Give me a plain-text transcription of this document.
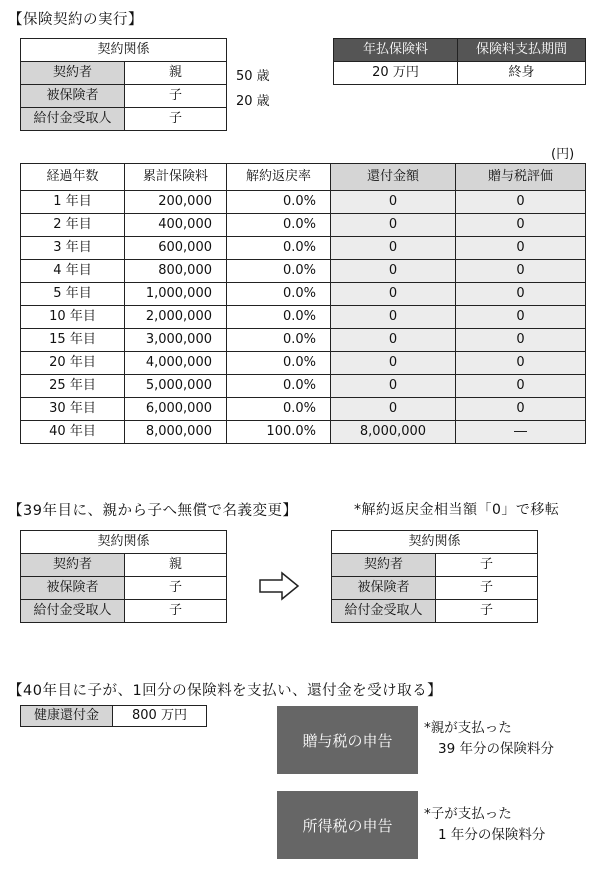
【保険契約の実行】
契約関係	
契約者	親
被保険者	子
給付金受取人	子
50 歳
20 歳
年払保険料	保険料支払期間
20 万円	終身
(円)
経過年数	累計保険料	解約返戻率	還付金額	贈与税評価
1 年目	200,000	0.0%	0	0
2 年目	400,000	0.0%	0	0
3 年目	600,000	0.0%	0	0
4 年目	800,000	0.0%	0	0
5 年目	1,000,000	0.0%	0	0
10 年目	2,000,000	0.0%	0	0
15 年目	3,000,000	0.0%	0	0
20 年目	4,000,000	0.0%	0	0
25 年目	5,000,000	0.0%	0	0
30 年目	6,000,000	0.0%	0	0
40 年目	8,000,000	100.0%	8,000,000	―
【39年目に、親から子へ無償で名義変更】	*解約返戻金相当額「0」で移転
契約関係	
契約者	親
被保険者	子
給付金受取人	子
契約関係	
契約者	子
被保険者	子
給付金受取人	子
【40年目に子が、1回分の保険料を支払い、還付金を受け取る】
健康還付金	800 万円
贈与税の申告
*親が支払った
39 年分の保険料分
所得税の申告
*子が支払った
1 年分の保険料分
